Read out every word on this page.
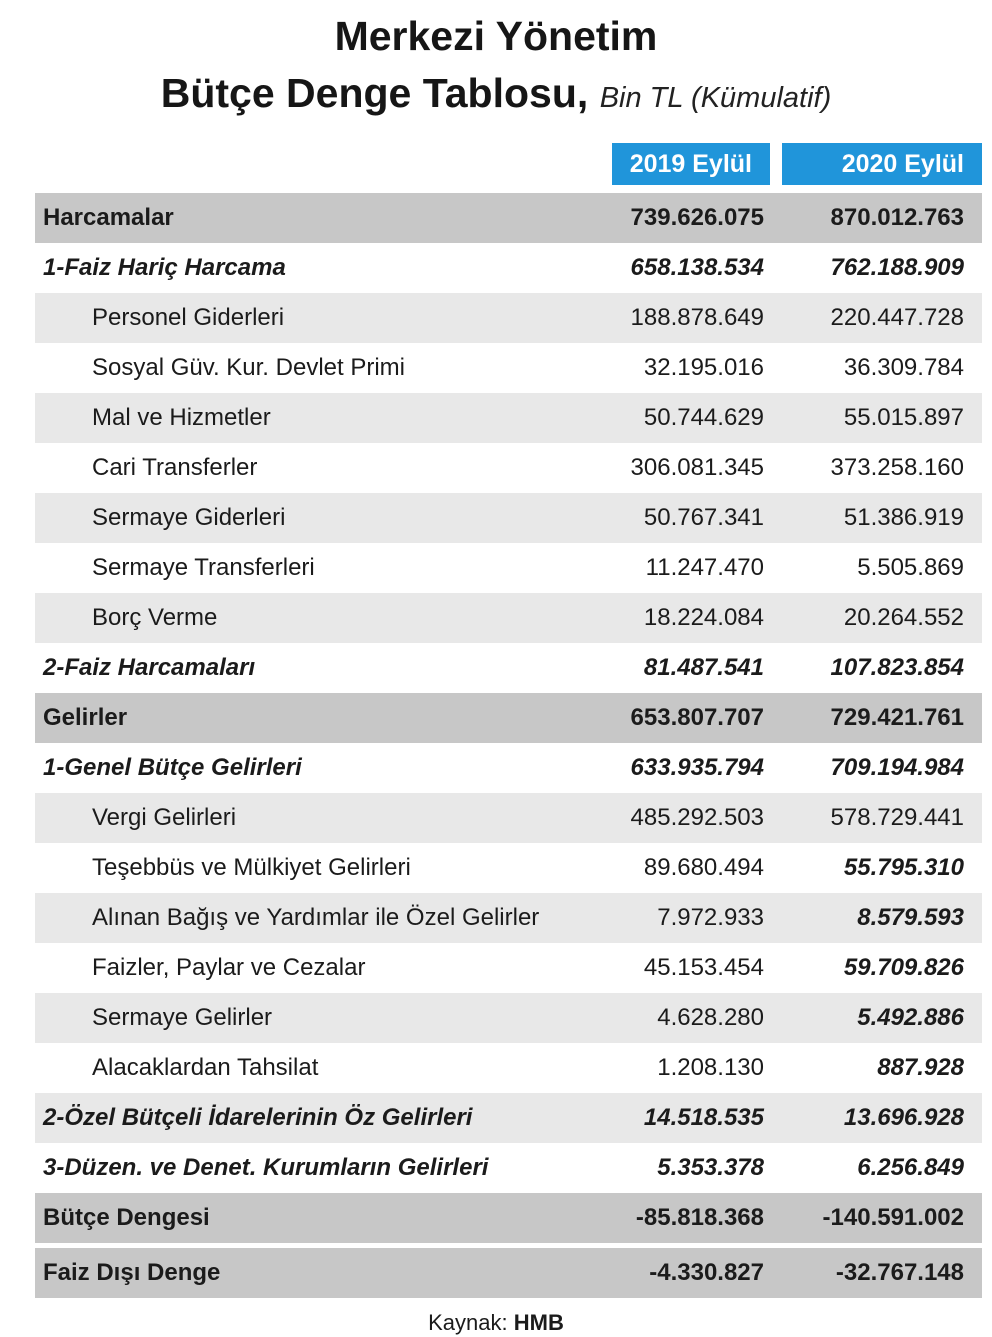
Merkezi Yönetim
Bütçe Denge Tablosu, Bin TL (Kümulatif)
2019 Eylül	2020 Eylül
Harcamalar	739.626.075	870.012.763
1-Faiz Hariç Harcama	658.138.534	762.188.909
Personel Giderleri	188.878.649	220.447.728
Sosyal Güv. Kur. Devlet Primi	32.195.016	36.309.784
Mal ve Hizmetler	50.744.629	55.015.897
Cari Transferler	306.081.345	373.258.160
Sermaye Giderleri	50.767.341	51.386.919
Sermaye Transferleri	11.247.470	5.505.869
Borç Verme	18.224.084	20.264.552
2-Faiz Harcamaları	81.487.541	107.823.854
Gelirler	653.807.707	729.421.761
1-Genel Bütçe Gelirleri	633.935.794	709.194.984
Vergi Gelirleri	485.292.503	578.729.441
Teşebbüs ve Mülkiyet Gelirleri	89.680.494	55.795.310
Alınan Bağış ve Yardımlar ile Özel Gelirler	7.972.933	8.579.593
Faizler, Paylar ve Cezalar	45.153.454	59.709.826
Sermaye Gelirler	4.628.280	5.492.886
Alacaklardan Tahsilat	1.208.130	887.928
2-Özel Bütçeli İdarelerinin Öz Gelirleri	14.518.535	13.696.928
3-Düzen. ve Denet. Kurumların Gelirleri	5.353.378	6.256.849
Bütçe Dengesi	-85.818.368	-140.591.002
Faiz Dışı Denge	-4.330.827	-32.767.148
Kaynak: HMB
